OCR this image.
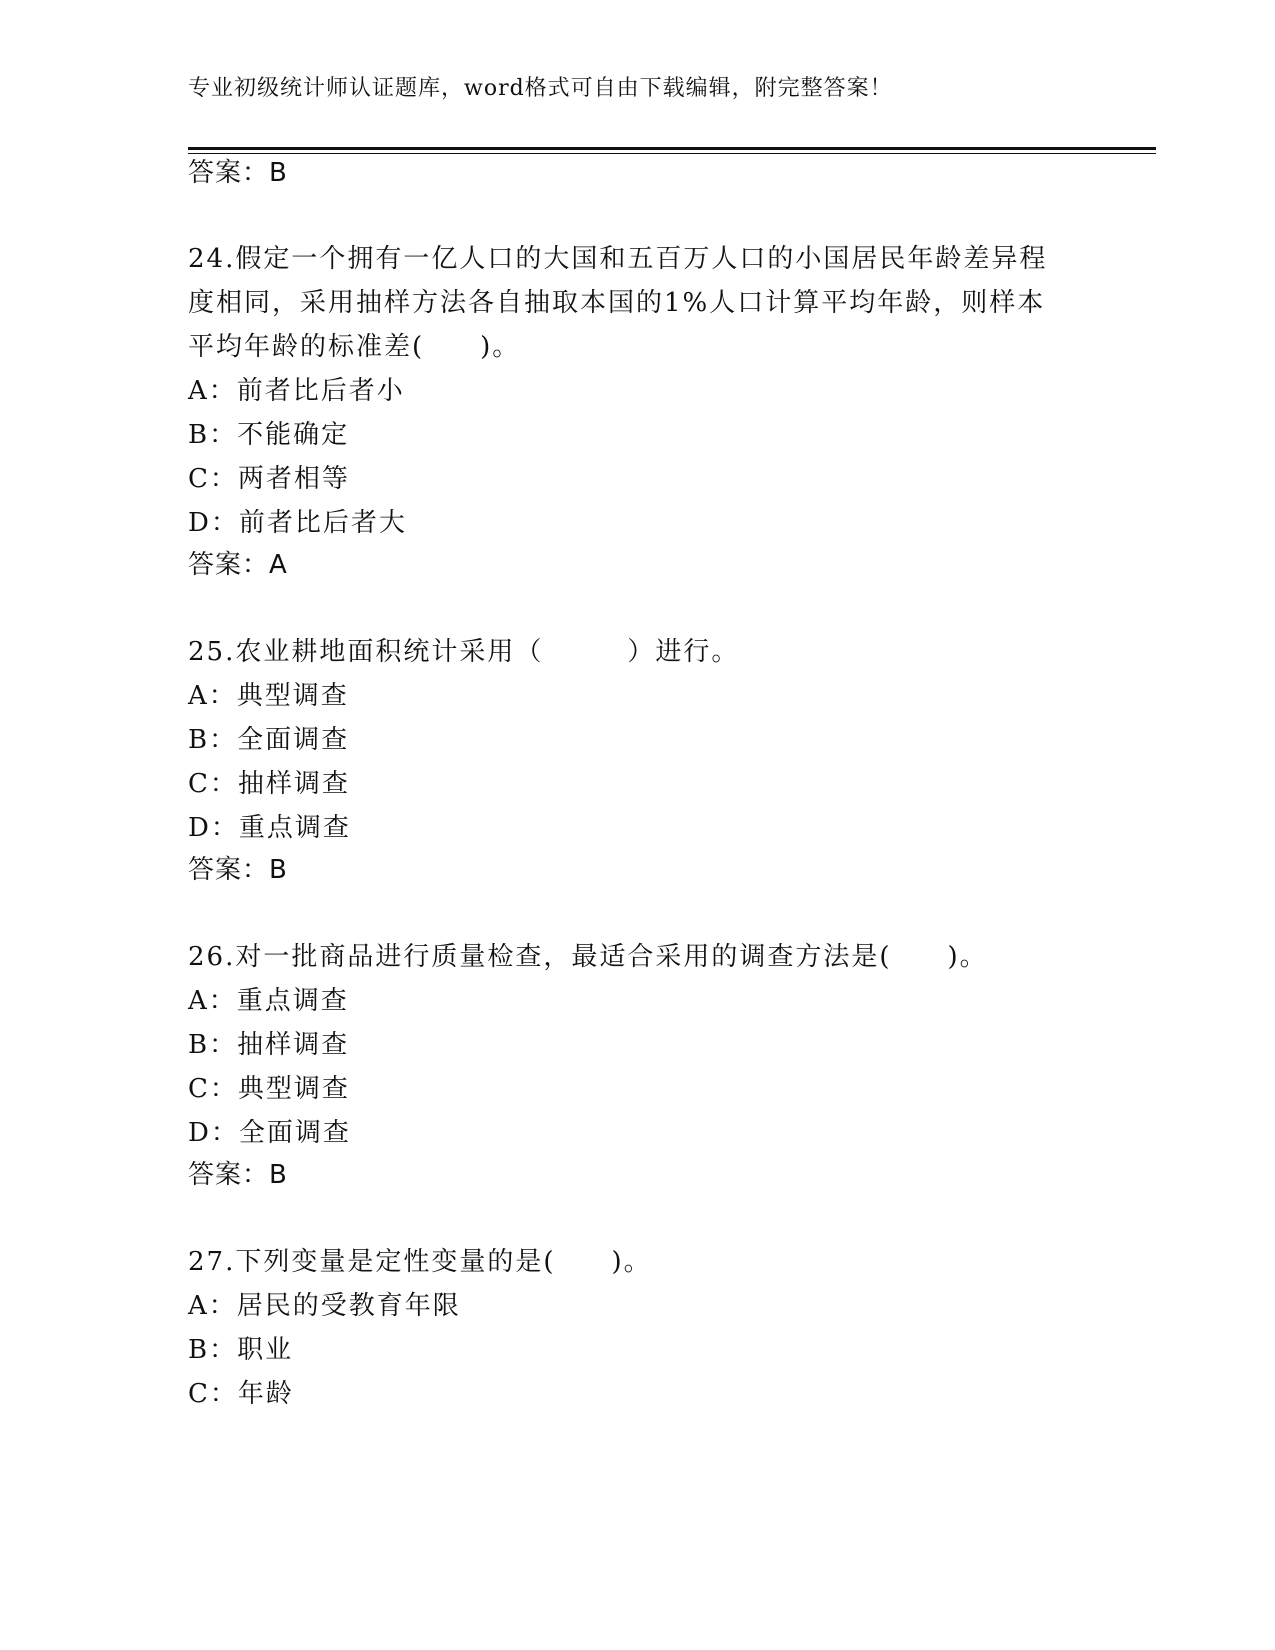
专业初级统计师认证题库，word格式可自由下载编辑，附完整答案！
答案：B
24.假定一个拥有一亿人口的大国和五百万人口的小国居民年龄差异程
度相同，采用抽样方法各自抽取本国的1%人口计算平均年龄，则样本
平均年龄的标准差(　　)。
A：前者比后者小
B：不能确定
C：两者相等
D：前者比后者大
答案：A
25.农业耕地面积统计采用（　　　）进行。
A：典型调查
B：全面调查
C：抽样调查
D：重点调查
答案：B
26.对一批商品进行质量检查，最适合采用的调查方法是(　　)。
A：重点调查
B：抽样调查
C：典型调查
D：全面调查
答案：B
27.下列变量是定性变量的是(　　)。
A：居民的受教育年限
B：职业
C：年龄
